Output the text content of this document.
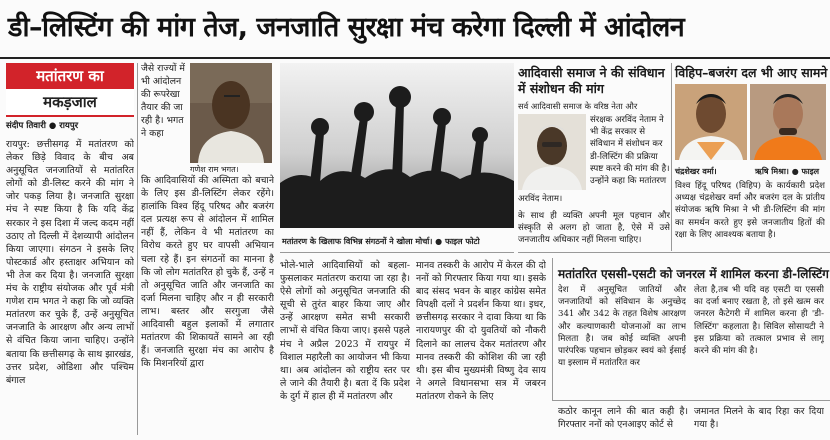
डी–लिस्टिंग की मांग तेज, जनजाति सुरक्षा मंच करेगा दिल्ली में आंदोलन
मतांतरण का
मकड़जाल
संदीप तिवारी ● रायपुर
रायपुर: छत्तीसगढ़ में मतांतरण को लेकर छिड़े विवाद के बीच अब अनुसूचित जनजातियों से मतांतरित लोगों को डी-लिस्ट करने की मांग ने जोर पकड़ लिया है। जनजाति सुरक्षा मंच ने स्पष्ट किया है कि यदि केंद्र सरकार ने इस दिशा में जल्द कदम नहीं उठाए तो दिल्ली में देशव्यापी आंदोलन किया जाएगा। संगठन ने इसके लिए पोस्टकार्ड और हस्ताक्षर अभियान को भी तेज कर दिया है। जनजाति सुरक्षा मंच के राष्ट्रीय संयोजक और पूर्व मंत्री गणेश राम भगत ने कहा कि जो व्यक्ति मतांतरण कर चुके हैं, उन्हें अनुसूचित जनजाति के आरक्षण और अन्य लाभों से वंचित किया जाना चाहिए। उन्होंने बताया कि छत्तीसगढ़ के साथ झारखंड, उत्तर प्रदेश, ओडिशा और पश्चिम बंगाल
जैसे राज्यों में भी आंदोलन की रूपरेखा तैयार की जा रही है। भगत ने कहा
गणेश राम भगत।
कि आदिवासियों की अस्मिता को बचाने के लिए इस डी-लिस्टिंग लेकर रहेंगे। हालांकि विश्व हिंदू परिषद और बजरंग दल प्रत्यक्ष रूप से आंदोलन में शामिल नहीं हैं, लेकिन वे भी मतांतरण का विरोध करते हुए घर वापसी अभियान चला रहे हैं। इन संगठनों का मानना है कि जो लोग मतांतरित हो चुके हैं, उन्हें न तो अनुसूचित जाति और जनजाति का दर्जा मिलना चाहिए और न ही सरकारी लाभ। बस्तर और सरगुजा जैसे आदिवासी बहुल इलाकों में लगातार मतांतरण की शिकायतें सामने आ रही हैं। जनजाति सुरक्षा मंच का आरोप है कि मिशनरियों द्वारा
मतांतरण के खिलाफ विभिन्न संगठनों ने खोला मोर्चा। ● फाइल फोटो
भोले-भाले आदिवासियों को बहला-फुसलाकर मतांतरण कराया जा रहा है। ऐसे लोगों को अनुसूचित जनजाति की सूची से तुरंत बाहर किया जाए और उन्हें आरक्षण समेत सभी सरकारी लाभों से वंचित किया जाए। इससे पहले मंच ने अप्रैल 2023 में रायपुर में विशाल महारैली का आयोजन भी किया था। अब आंदोलन को राष्ट्रीय स्तर पर ले जाने की तैयारी है। बता दें कि प्रदेश के दुर्ग में हाल ही में मतांतरण और
मानव तस्करी के आरोप में केरल की दो ननों को गिरफ्तार किया गया था। इसके बाद संसद भवन के बाहर कांग्रेस समेत विपक्षी दलों ने प्रदर्शन किया था। इधर, छत्तीसगढ़ सरकार ने दावा किया था कि नारायणपुर की दो युवतियों को नौकरी दिलाने का लालच देकर मतांतरण और मानव तस्करी की कोशिश की जा रही थी। इस बीच मुख्यमंत्री विष्णु देव साय ने अगले विधानसभा सत्र में जबरन मतांतरण रोकने के लिए
आदिवासी समाज ने की संविधान में संशोधन की मांग
सर्व आदिवासी समाज के वरिष्ठ नेता और
अरविंद नेताम।
संरक्षक अरविंद नेताम ने भी केंद्र सरकार से संविधान में संशोधन कर डी-लिस्टिंग की प्रक्रिया स्पष्ट करने की मांग की है। उन्होंने कहा कि मतांतरण
के साथ ही व्यक्ति अपनी मूल पहचान और संस्कृति से अलग हो जाता है, ऐसे में उसे जनजातीय अधिकार नहीं मिलना चाहिए।
विहिप–बजरंग दल भी आए सामने
चंद्रशेखर वर्मा।	ऋषि मिश्रा। ● फाइल
विश्व हिंदू परिषद (विहिप) के कार्यकारी प्रदेश अध्यक्ष चंद्रशेखर वर्मा और बजरंग दल के प्रांतीय संयोजक ऋषि मिश्रा ने भी डी-लिस्टिंग की मांग का समर्थन करते हुए इसे जनजातीय हितों की रक्षा के लिए आवश्यक बताया है।
मतांतरित एससी-एसटी को जनरल में शामिल करना डी-लिस्टिंग
देश में अनुसूचित जातियों और जनजातियों को संविधान के अनुच्छेद 341 और 342 के तहत विशेष आरक्षण और कल्याणकारी योजनाओं का लाभ मिलता है। जब कोई व्यक्ति अपनी पारंपरिक पहचान छोड़कर स्वयं को ईसाई या इस्लाम में मतांतरित कर
लेता है,तब भी यदि वह एसटी या एससी का दर्जा बनाए रखता है, तो इसे खत्म कर जनरल कैटेगरी में शामिल करना ही 'डी-लिस्टिंग' कहलाता है। सिविल सोसायटी ने इस प्रक्रिया को तत्काल प्रभाव से लागू करने की मांग की है।
कठोर कानून लाने की बात कही है। गिरफ्तार ननों को एनआइए कोर्ट से
जमानत मिलने के बाद रिहा कर दिया गया है।
